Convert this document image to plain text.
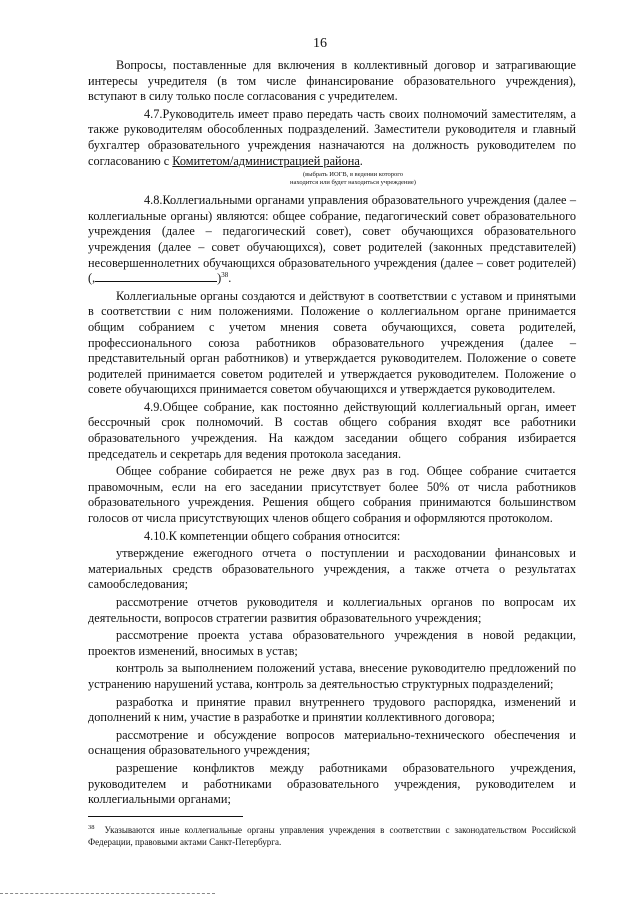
16

Вопросы, поставленные для включения в коллективный договор и затрагивающие интересы учредителя (в том числе финансирование образовательного учреждения), вступают в силу только после согласования с учредителем.

4.7.Руководитель имеет право передать часть своих полномочий заместителям, а также руководителям обособленных подразделений. Заместители руководителя и главный бухгалтер образовательного учреждения назначаются на должность руководителем по согласованию с Комитетом/администрацией района.

(выбрать ИОГВ, в ведении которого
находится или будет находиться учреждение)

4.8.Коллегиальными органами управления образовательного учреждения (далее – коллегиальные органы) являются: общее собрание, педагогический совет образовательного учреждения (далее – педагогический совет), совет обучающихся образовательного учреждения (далее – совет обучающихся), совет родителей (законных представителей) несовершеннолетних обучающихся образовательного учреждения (далее – совет родителей) (,	)$^{38}$.

Коллегиальные органы создаются и действуют в соответствии с уставом и принятыми в соответствии с ним положениями. Положение о коллегиальном органе принимается общим собранием с учетом мнения совета обучающихся, совета родителей, профессионального союза работников образовательного учреждения (далее – представительный орган работников) и утверждается руководителем. Положение о совете родителей принимается советом родителей и утверждается руководителем. Положение о совете обучающихся принимается советом обучающихся и утверждается руководителем.

4.9.Общее собрание, как постоянно действующий коллегиальный орган, имеет бессрочный срок полномочий. В состав общего собрания входят все работники образовательного учреждения. На каждом заседании общего собрания избирается председатель и секретарь для ведения протокола заседания.

Общее собрание собирается не реже двух раз в год. Общее собрание считается правомочным, если на его заседании присутствует более 50% от числа работников образовательного учреждения. Решения общего собрания принимаются большинством голосов от числа присутствующих членов общего собрания и оформляются протоколом.

4.10.К компетенции общего собрания относится:

утверждение ежегодного отчета о поступлении и расходовании финансовых и материальных средств образовательного учреждения, а также отчета о результатах самообследования;

рассмотрение отчетов руководителя и коллегиальных органов по вопросам их деятельности, вопросов стратегии развития образовательного учреждения;

рассмотрение проекта устава образовательного учреждения в новой редакции, проектов изменений, вносимых в устав;

контроль за выполнением положений устава, внесение руководителю предложений по устранению нарушений устава, контроль за деятельностью структурных подразделений;

разработка и принятие правил внутреннего трудового распорядка, изменений и дополнений к ним, участие в разработке и принятии коллективного договора;

рассмотрение и обсуждение вопросов материально-технического обеспечения и оснащения образовательного учреждения;

разрешение конфликтов между работниками образовательного учреждения, руководителем и работниками образовательного учреждения, руководителем и коллегиальными органами;

$^{38}$ Указываются иные коллегиальные органы управления учреждения в соответствии с законодательством Российской Федерации, правовыми актами Санкт-Петербурга.
